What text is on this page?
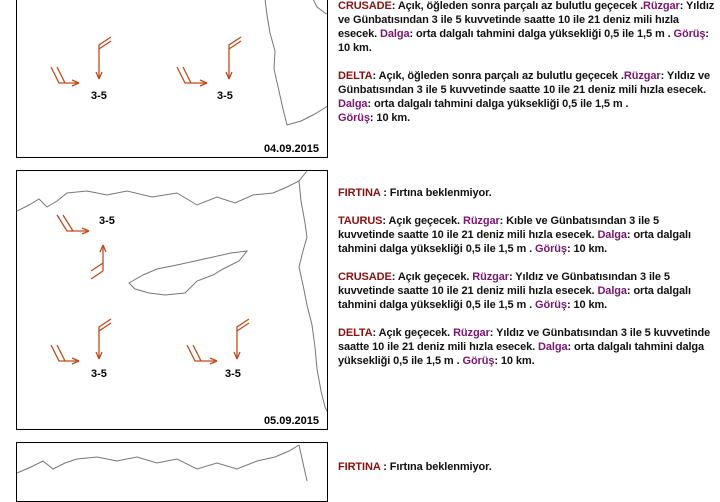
3-5	3-5
04.09.2015

CRUSADE: Açık, öğleden sonra parçalı az bulutlu geçecek .Rüzgar: Yıldız ve Günbatısından 3 ile 5 kuvvetinde saatte 10 ile 21 deniz mili hızla esecek. Dalga: orta dalgalı tahmini dalga yüksekliği 0,5 ile 1,5 m . Görüş: 10 km.

DELTA: Açık, öğleden sonra parçalı az bulutlu geçecek .Rüzgar: Yıldız ve Günbatısından 3 ile 5 kuvvetinde saatte 10 ile 21 deniz mili hızla esecek. Dalga: orta dalgalı tahmini dalga yüksekliği 0,5 ile 1,5 m .
Görüş: 10 km.

3-5
3-5	3-5
05.09.2015

FIRTINA : Fırtına beklenmiyor.

TAURUS: Açık geçecek. Rüzgar: Kıble ve Günbatısından 3 ile 5 kuvvetinde saatte 10 ile 21 deniz mili hızla esecek. Dalga: orta dalgalı tahmini dalga yüksekliği 0,5 ile 1,5 m . Görüş: 10 km.

CRUSADE: Açık geçecek. Rüzgar: Yıldız ve Günbatısından 3 ile 5 kuvvetinde saatte 10 ile 21 deniz mili hızla esecek. Dalga: orta dalgalı tahmini dalga yüksekliği 0,5 ile 1,5 m . Görüş: 10 km.

DELTA: Açık geçecek. Rüzgar: Yıldız ve Günbatısından 3 ile 5 kuvvetinde saatte 10 ile 21 deniz mili hızla esecek. Dalga: orta dalgalı tahmini dalga yüksekliği 0,5 ile 1,5 m . Görüş: 10 km.

FIRTINA : Fırtına beklenmiyor.
